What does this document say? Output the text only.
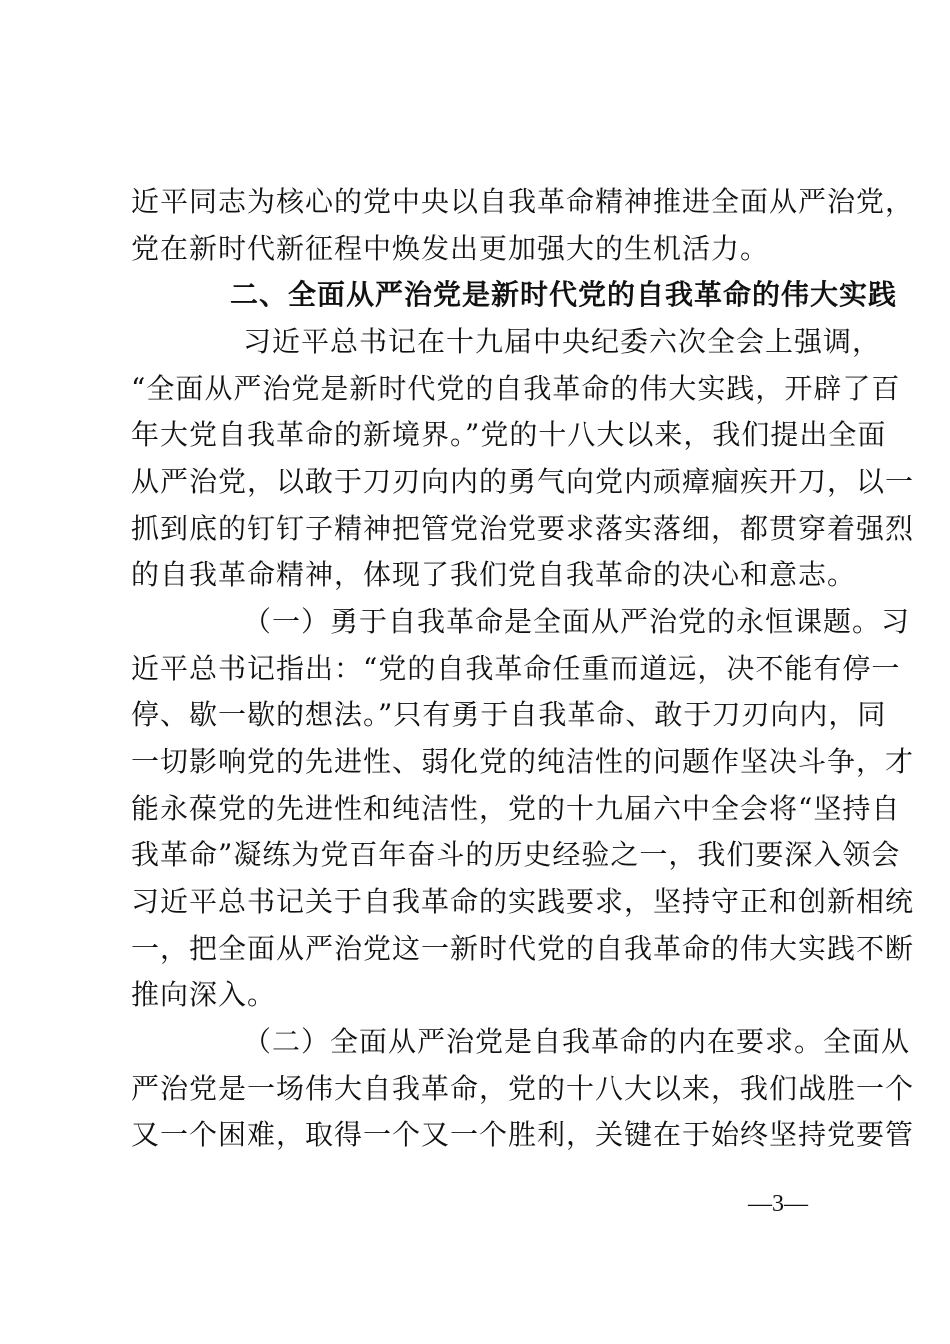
近平同志为核心的党中央以自我革命精神推进全面从严治党，
党在新时代新征程中焕发出更加强大的生机活力。
二、全面从严治党是新时代党的自我革命的伟大实践
习近平总书记在十九届中央纪委六次全会上强调，
“全面从严治党是新时代党的自我革命的伟大实践，开辟了百
年大党自我革命的新境界。”党的十八大以来，我们提出全面
从严治党，以敢于刀刃向内的勇气向党内顽瘴痼疾开刀，以一
抓到底的钉钉子精神把管党治党要求落实落细，都贯穿着强烈
的自我革命精神，体现了我们党自我革命的决心和意志。
（一）勇于自我革命是全面从严治党的永恒课题。习
近平总书记指出：“党的自我革命任重而道远，决不能有停一
停、歇一歇的想法。”只有勇于自我革命、敢于刀刃向内，同
一切影响党的先进性、弱化党的纯洁性的问题作坚决斗争，才
能永葆党的先进性和纯洁性，党的十九届六中全会将“坚持自
我革命”凝练为党百年奋斗的历史经验之一，我们要深入领会
习近平总书记关于自我革命的实践要求，坚持守正和创新相统
一，把全面从严治党这一新时代党的自我革命的伟大实践不断
推向深入。
（二）全面从严治党是自我革命的内在要求。全面从
严治党是一场伟大自我革命，党的十八大以来，我们战胜一个
又一个困难，取得一个又一个胜利，关键在于始终坚持党要管
—3—
